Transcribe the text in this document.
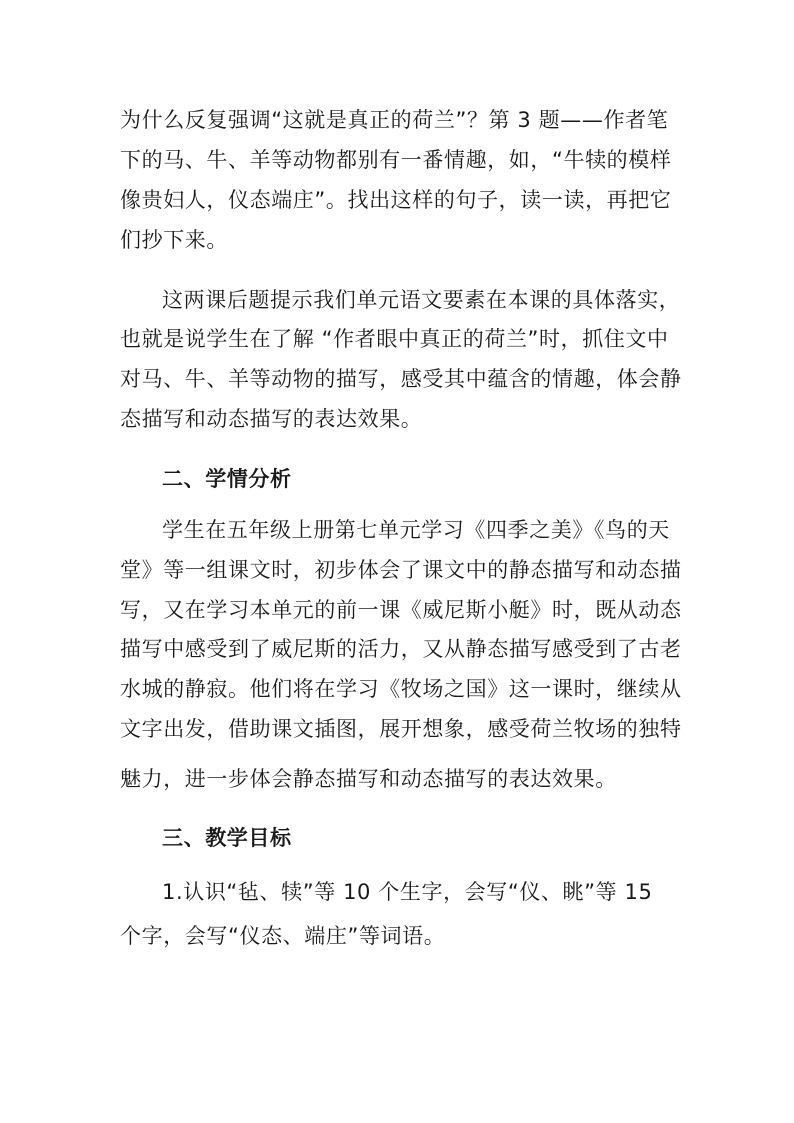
为什么反复强调“这就是真正的荷兰”？第 3 题——作者笔
下的马、牛、羊等动物都别有一番情趣，如，“牛犊的模样
像贵妇人，仪态端庄”。找出这样的句子，读一读，再把它
们抄下来。
这两课后题提示我们单元语文要素在本课的具体落实，
也就是说学生在了解 “作者眼中真正的荷兰”时，抓住文中
对马、牛、羊等动物的描写，感受其中蕴含的情趣，体会静
态描写和动态描写的表达效果。
二、学情分析
学生在五年级上册第七单元学习《四季之美》《鸟的天
堂》等一组课文时，初步体会了课文中的静态描写和动态描
写，又在学习本单元的前一课《威尼斯小艇》时，既从动态
描写中感受到了威尼斯的活力，又从静态描写感受到了古老
水城的静寂。他们将在学习《牧场之国》这一课时，继续从
文字出发，借助课文插图，展开想象，感受荷兰牧场的独特
魅力，进一步体会静态描写和动态描写的表达效果。
三、教学目标
1.认识“毡、犊”等 10 个生字，会写“仪、眺”等 15
个字，会写“仪态、端庄”等词语。
